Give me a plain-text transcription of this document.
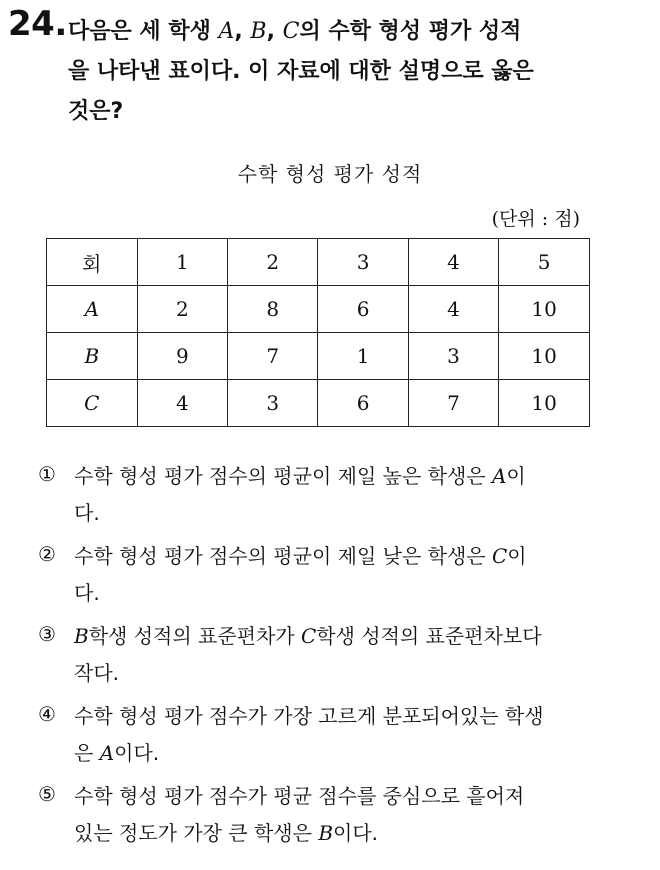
24. 다음은 세 학생 A, B, C의 수학 형성 평가 성적
을 나타낸 표이다. 이 자료에 대한 설명으로 옳은
것은?
수학 형성 평가 성적
(단위 : 점)
회	1	2	3	4	5
A	2	8	6	4	10
B	9	7	1	3	10
C	4	3	6	7	10
① 수학 형성 평가 점수의 평균이 제일 높은 학생은 A이
다.
② 수학 형성 평가 점수의 평균이 제일 낮은 학생은 C이
다.
③ B학생 성적의 표준편차가 C학생 성적의 표준편차보다
작다.
④ 수학 형성 평가 점수가 가장 고르게 분포되어있는 학생
은 A이다.
⑤ 수학 형성 평가 점수가 평균 점수를 중심으로 흩어져
있는 정도가 가장 큰 학생은 B이다.
